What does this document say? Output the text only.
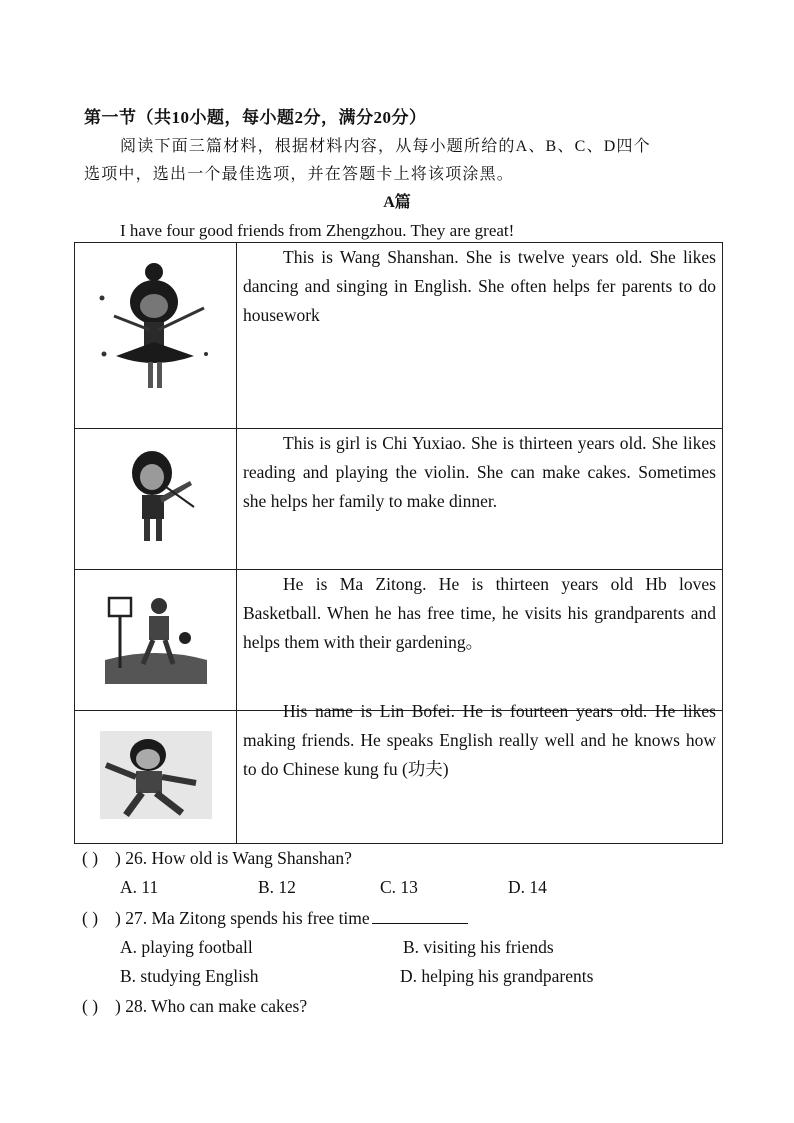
第一节（共10小题，每小题2分，满分20分）
阅读下面三篇材料，根据材料内容，从每小题所给的A、B、C、D四个
选项中，选出一个最佳选项，并在答题卡上将该项涂黑。
A篇
I have four good friends from Zhengzhou. They are great!

This is Wang Shanshan. She is twelve years old. She likes dancing and singing in English. She often helps fer parents to do housework

This is girl is Chi Yuxiao. She is thirteen years old. She likes reading and playing the violin. She can make cakes. Sometimes she helps her family to make dinner.

He is Ma Zitong. He is thirteen years old Hb loves Basketball. When he has free time, he visits his grandparents and helps them with their gardening。

His name is Lin Bofei. He is fourteen years old. He likes making friends. He speaks English really well and he knows how to do Chinese kung fu (功夫)

( ) ) 26. How old is Wang Shanshan?
A. 11	B. 12	C. 13	D. 14
( ) ) 27. Ma Zitong spends his free time
A. playing football	B. visiting his friends
B. studying English	D. helping his grandparents
( ) ) 28. Who can make cakes?
